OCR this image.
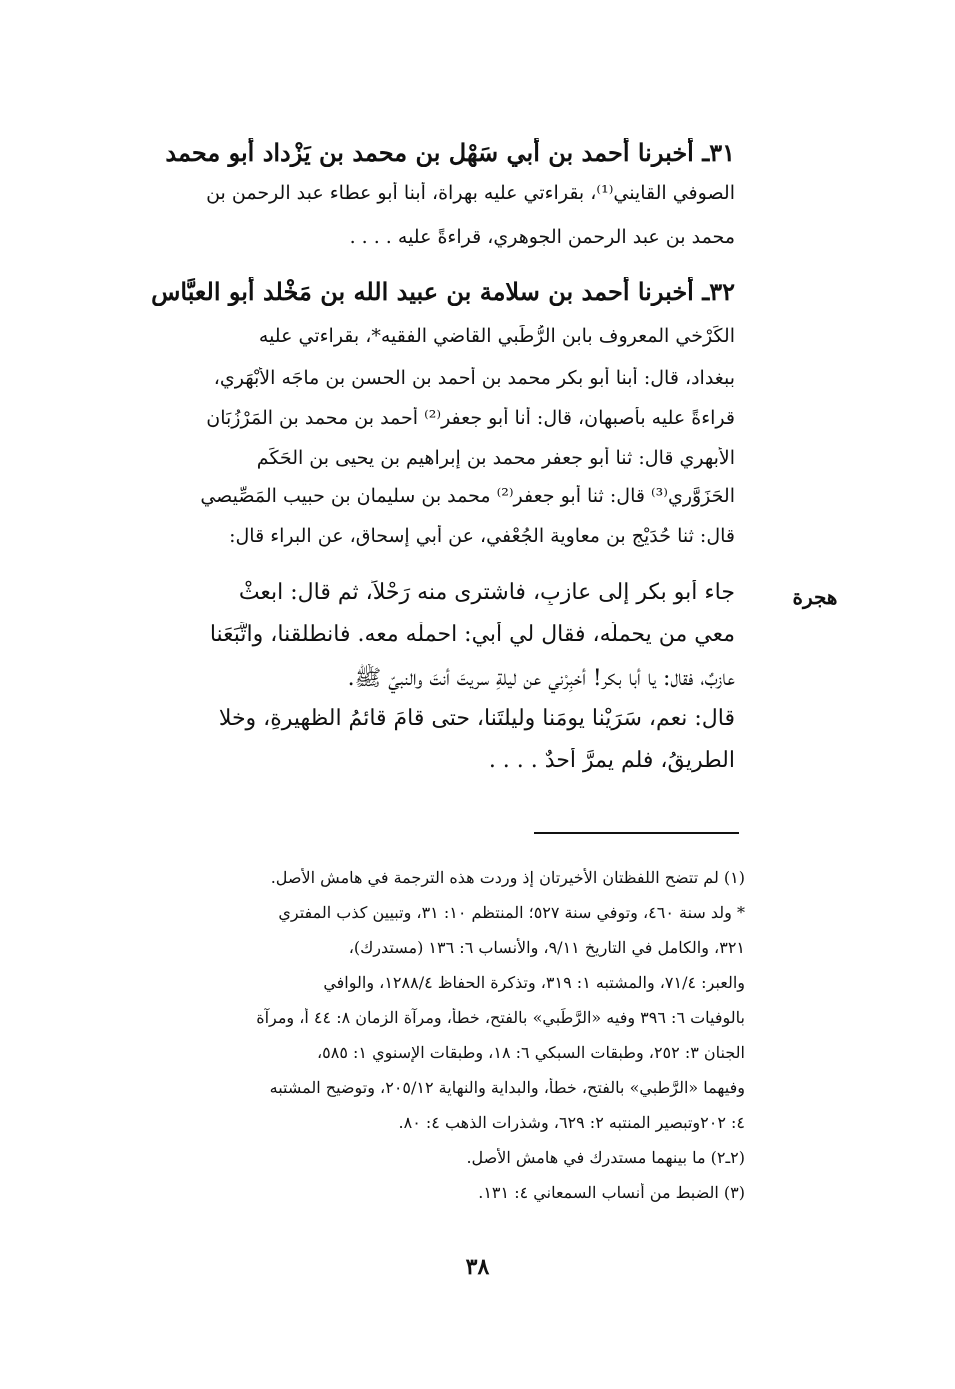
٣١ـ أخبرنا أحمد بن أبي سَهْل بن محمد بن يَزْداد أبو محمد
الصوفي القايني⁽¹⁾، بقراءتي عليه بهراة، أبنا أبو عطاء عبد الرحمن بن
محمد بن عبد الرحمن الجوهري، قراءةً عليه . . . .
٣٢ـ أخبرنا أحمد بن سلامة بن عبيد الله بن مَخْلد أبو العبَّاس
الكَرْخي المعروف بابن الرُّطَبي القاضي الفقيه*، بقراءتي عليه
ببغداد، قال: أبنا أبو بكر محمد بن أحمد بن الحسن بن ماجَه الأَبْهَري،
قراءةً عليه بأصبهان، قال: أنا أبو جعفر⁽²⁾ أحمد بن محمد بن المَرْزُبَان
الأبهري قال: ثنا أبو جعفر محمد بن إبراهيم بن يحيى بن الحَكَم
الحَزَوَّري⁽³⁾ قال: ثنا أبو جعفر⁽²⁾ محمد بن سليمان بن حبيب المَصِّيصي
قال: ثنا حُدَيْج بن معاوية الجُعْفي، عن أبي إسحاق، عن البراء قال:
هجرة
جاء أبو بكر إلى عازبٍ، فاشترى منه رَحْلاً، ثم قال: ابعثْ
معي من يحملُه، فقال لي أبي: احملْه معه. فانطلقنا، واتَّبَعَنا
عازبٌ، فقال: يا أبا بكر! أخبِرْني عن ليلةِ سريتَ أنتَ والنبيّ ﷺ.
قال: نعم، سَرَيْنا يومَنا وليلتَنا، حتى قامَ قائمُ الظهيرةِ، وخلا
الطريقُ، فلم يمرَّ أحدٌ . . . .
(١) لم تتضح اللفظتان الأخيرتان إذ وردت هذه الترجمة في هامش الأصل.
* ولد سنة ٤٦٠، وتوفي سنة ٥٢٧؛ المنتظم ١٠: ٣١، وتبيين كذب المفتري
٣٢١، والكامل في التاريخ ٩/١١، والأنساب ٦: ١٣٦ (مستدرك)،
والعبر: ٧١/٤، والمشتبه ١: ٣١٩، وتذكرة الحفاظ ١٢٨٨/٤، والوافي
بالوفيات ٦: ٣٩٦ وفيه «الرَّطَبي» بالفتح، خطأ، ومرآة الزمان ٨: ٤٤ أ، ومرآة
الجنان ٣: ٢٥٢، وطبقات السبكي ٦: ١٨، وطبقات الإسنوي ١: ٥٨٥،
وفيهما «الرَّطبي» بالفتح، خطأ، والبداية والنهاية ٢٠٥/١٢، وتوضيح المشتبه
٤: ٢٠٢وتبصير المنتبه ٢: ٦٢٩، وشذرات الذهب ٤: ٨٠.
(٢ـ٢) ما بينهما مستدرك في هامش الأصل.
(٣) الضبط من أنساب السمعاني ٤: ١٣١.
٣٨
